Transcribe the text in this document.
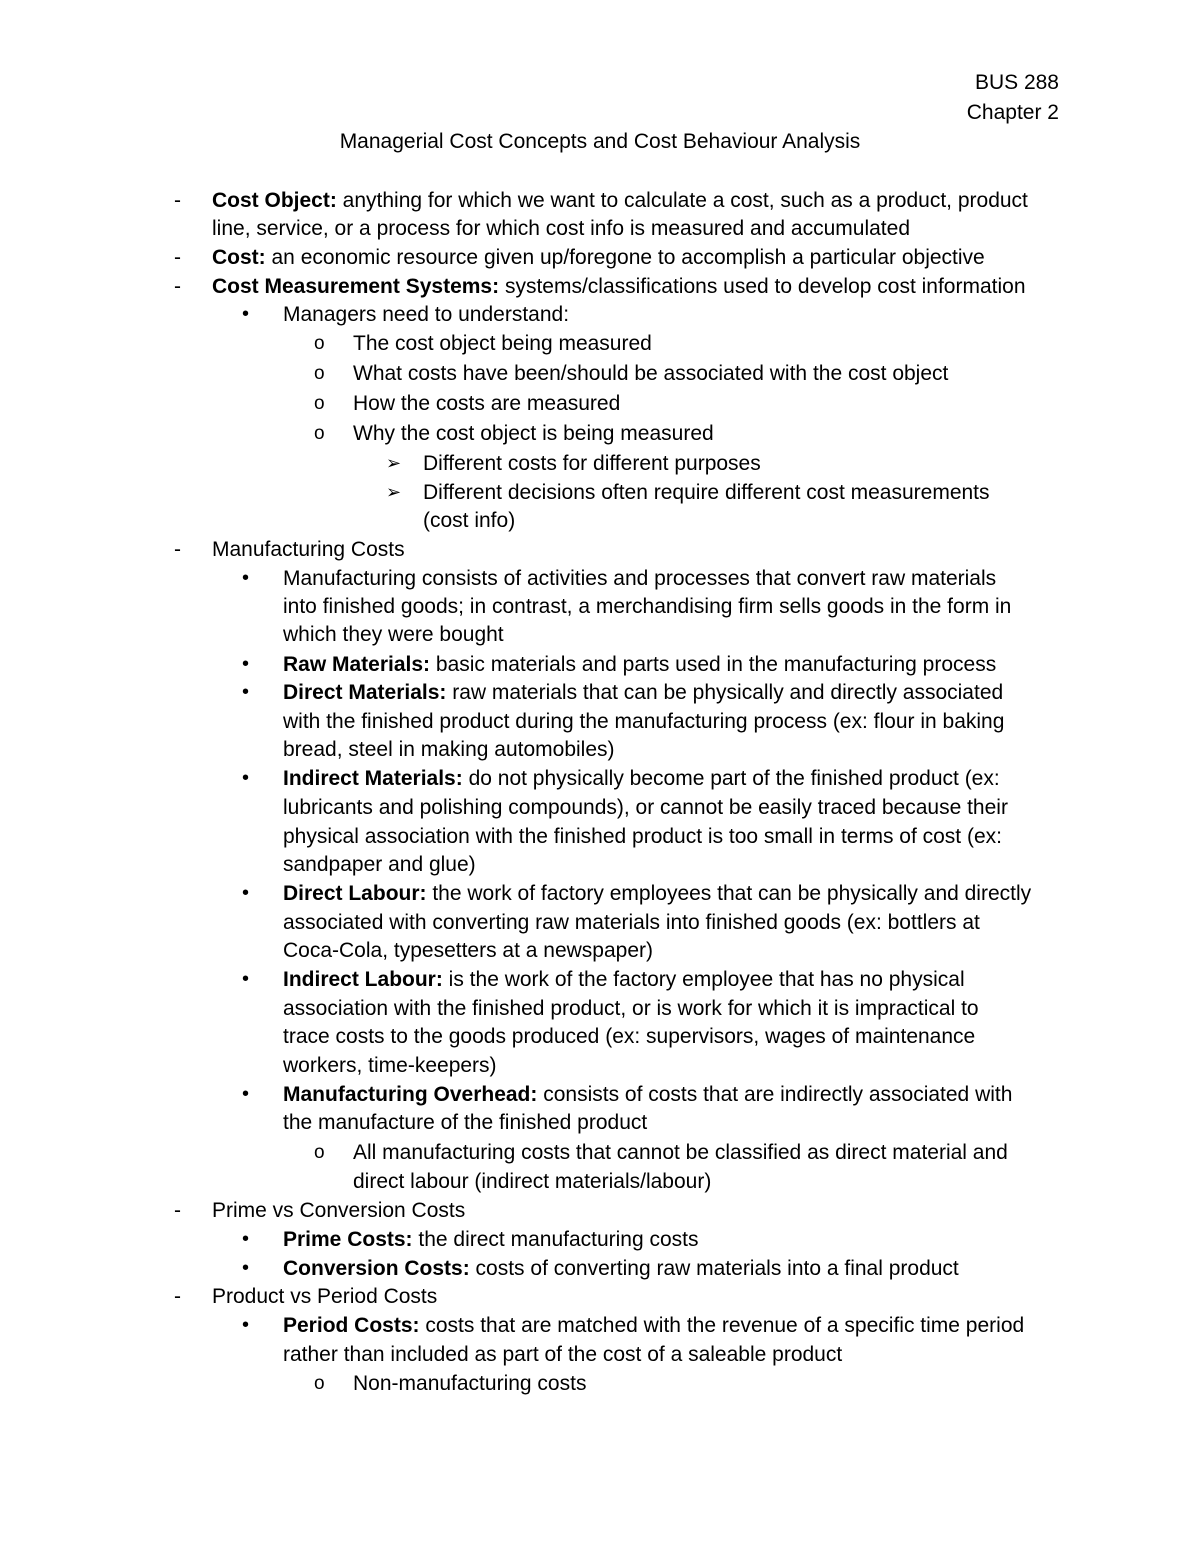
BUS 288
Chapter 2
Managerial Cost Concepts and Cost Behaviour Analysis
- Cost Object: anything for which we want to calculate a cost, such as a product, product
line, service, or a process for which cost info is measured and accumulated
- Cost: an economic resource given up/foregone to accomplish a particular objective
- Cost Measurement Systems: systems/classifications used to develop cost information
• Managers need to understand:
o The cost object being measured
o What costs have been/should be associated with the cost object
o How the costs are measured
o Why the cost object is being measured
➢ Different costs for different purposes
➢ Different decisions often require different cost measurements
(cost info)
- Manufacturing Costs
• Manufacturing consists of activities and processes that convert raw materials
into finished goods; in contrast, a merchandising firm sells goods in the form in
which they were bought
• Raw Materials: basic materials and parts used in the manufacturing process
• Direct Materials: raw materials that can be physically and directly associated
with the finished product during the manufacturing process (ex: flour in baking
bread, steel in making automobiles)
• Indirect Materials: do not physically become part of the finished product (ex:
lubricants and polishing compounds), or cannot be easily traced because their
physical association with the finished product is too small in terms of cost (ex:
sandpaper and glue)
• Direct Labour: the work of factory employees that can be physically and directly
associated with converting raw materials into finished goods (ex: bottlers at
Coca-Cola, typesetters at a newspaper)
• Indirect Labour: is the work of the factory employee that has no physical
association with the finished product, or is work for which it is impractical to
trace costs to the goods produced (ex: supervisors, wages of maintenance
workers, time-keepers)
• Manufacturing Overhead: consists of costs that are indirectly associated with
the manufacture of the finished product
o All manufacturing costs that cannot be classified as direct material and
direct labour (indirect materials/labour)
- Prime vs Conversion Costs
• Prime Costs: the direct manufacturing costs
• Conversion Costs: costs of converting raw materials into a final product
- Product vs Period Costs
• Period Costs: costs that are matched with the revenue of a specific time period
rather than included as part of the cost of a saleable product
o Non-manufacturing costs
